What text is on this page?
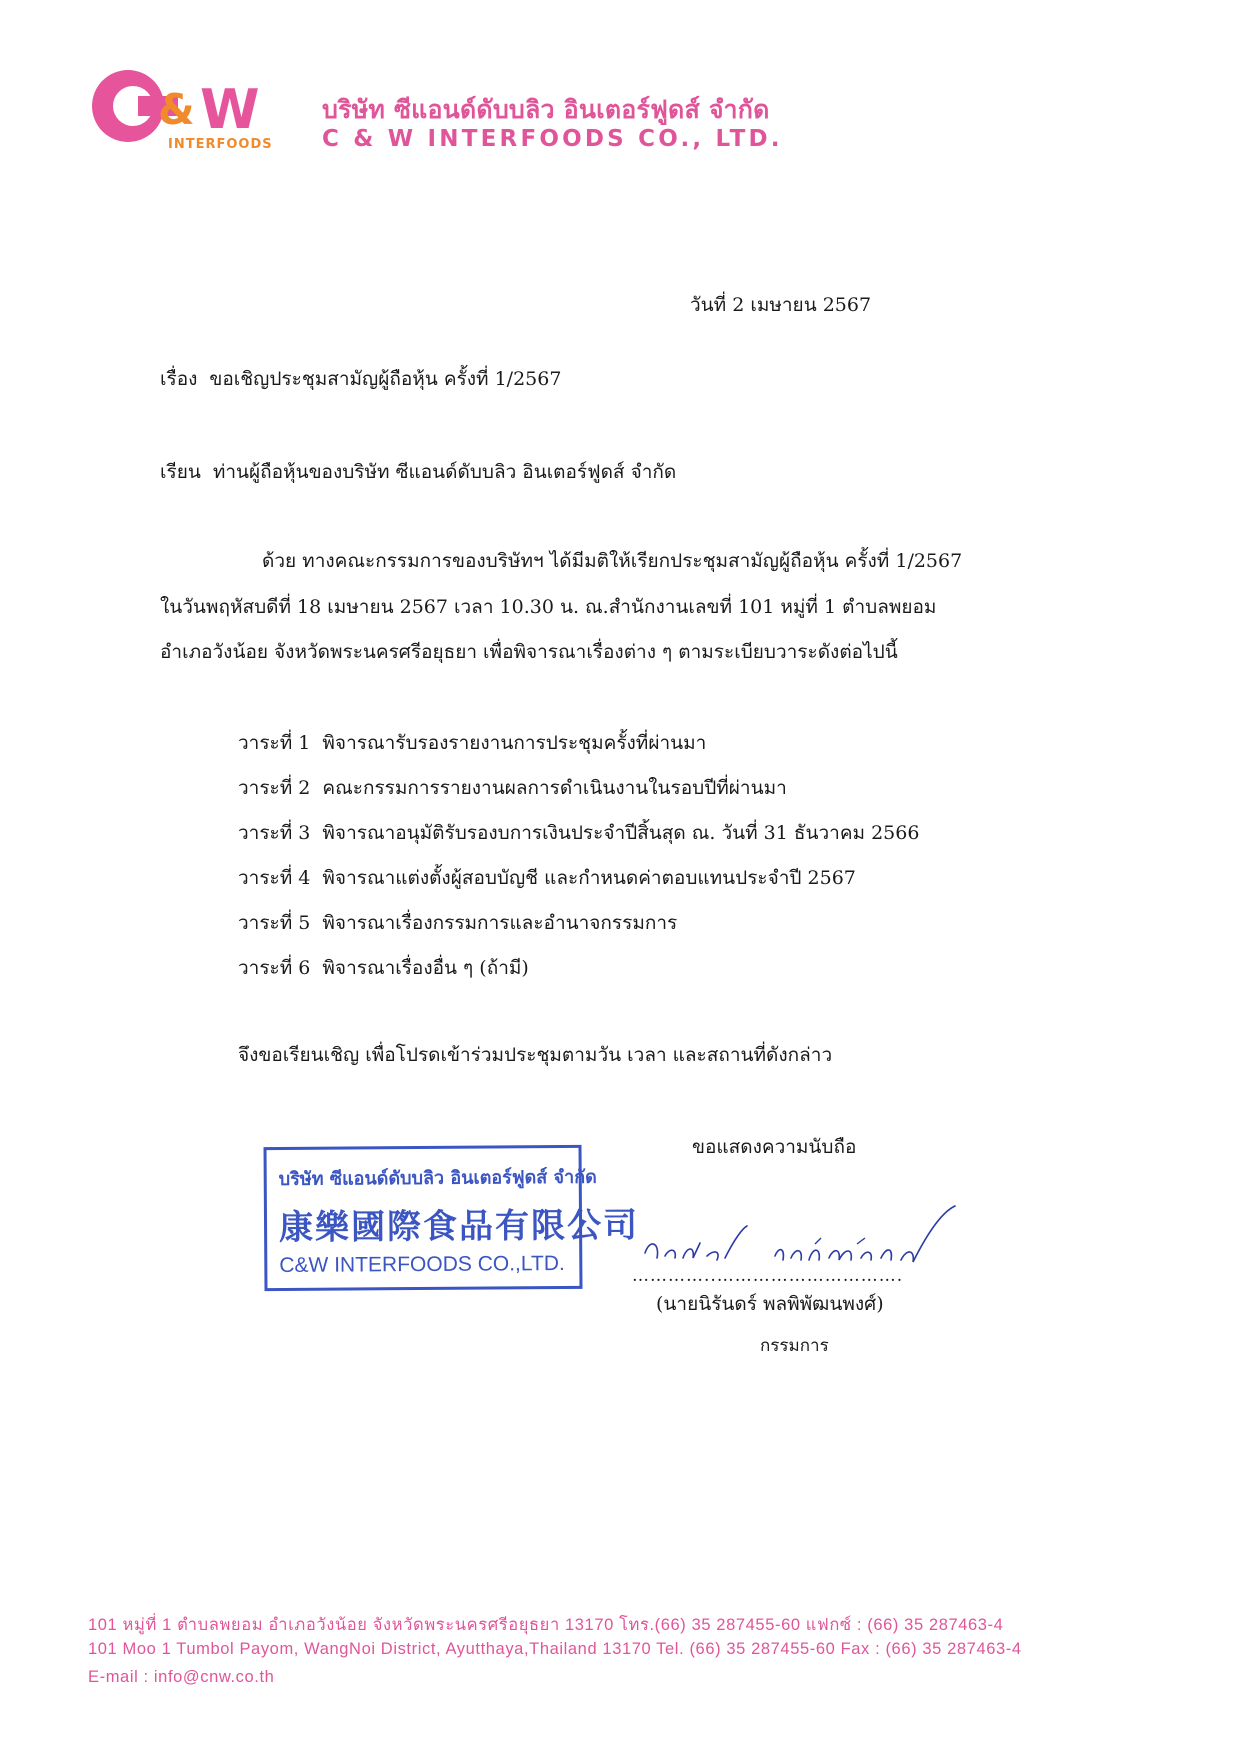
& W
INTERFOODS
บริษัท ซีแอนด์ดับบลิว อินเตอร์ฟูดส์ จำกัด
C & W INTERFOODS CO., LTD.
วันที่ 2 เมษายน 2567
เรื่อง ขอเชิญประชุมสามัญผู้ถือหุ้น ครั้งที่ 1/2567
เรียน ท่านผู้ถือหุ้นของบริษัท ซีแอนด์ดับบลิว อินเตอร์ฟูดส์ จำกัด
ด้วย ทางคณะกรรมการของบริษัทฯ ได้มีมติให้เรียกประชุมสามัญผู้ถือหุ้น ครั้งที่ 1/2567
ในวันพฤหัสบดีที่ 18 เมษายน 2567 เวลา 10.30 น. ณ.สำนักงานเลขที่ 101 หมู่ที่ 1 ตำบลพยอม
อำเภอวังน้อย จังหวัดพระนครศรีอยุธยา เพื่อพิจารณาเรื่องต่าง ๆ ตามระเบียบวาระดังต่อไปนี้
วาระที่ 1 พิจารณารับรองรายงานการประชุมครั้งที่ผ่านมา
วาระที่ 2 คณะกรรมการรายงานผลการดำเนินงานในรอบปีที่ผ่านมา
วาระที่ 3 พิจารณาอนุมัติรับรองบการเงินประจำปีสิ้นสุด ณ. วันที่ 31 ธันวาคม 2566
วาระที่ 4 พิจารณาแต่งตั้งผู้สอบบัญชี และกำหนดค่าตอบแทนประจำปี 2567
วาระที่ 5 พิจารณาเรื่องกรรมการและอำนาจกรรมการ
วาระที่ 6 พิจารณาเรื่องอื่น ๆ (ถ้ามี)
จึงขอเรียนเชิญ เพื่อโปรดเข้าร่วมประชุมตามวัน เวลา และสถานที่ดังกล่าว
ขอแสดงความนับถือ
บริษัท ซีแอนด์ดับบลิว อินเตอร์ฟูดส์ จำกัด
康樂國際食品有限公司
C&W INTERFOODS CO.,LTD.	…………..………………………….
(นายนิรันดร์ พลพิพัฒนพงศ์)
กรรมการ
101 หมู่ที่ 1 ตำบลพยอม อำเภอวังน้อย จังหวัดพระนครศรีอยุธยา 13170 โทร.(66) 35 287455-60 แฟกซ์ : (66) 35 287463-4
101 Moo 1 Tumbol Payom, WangNoi District, Ayutthaya,Thailand 13170 Tel. (66) 35 287455-60 Fax : (66) 35 287463-4
E-mail : info@cnw.co.th
